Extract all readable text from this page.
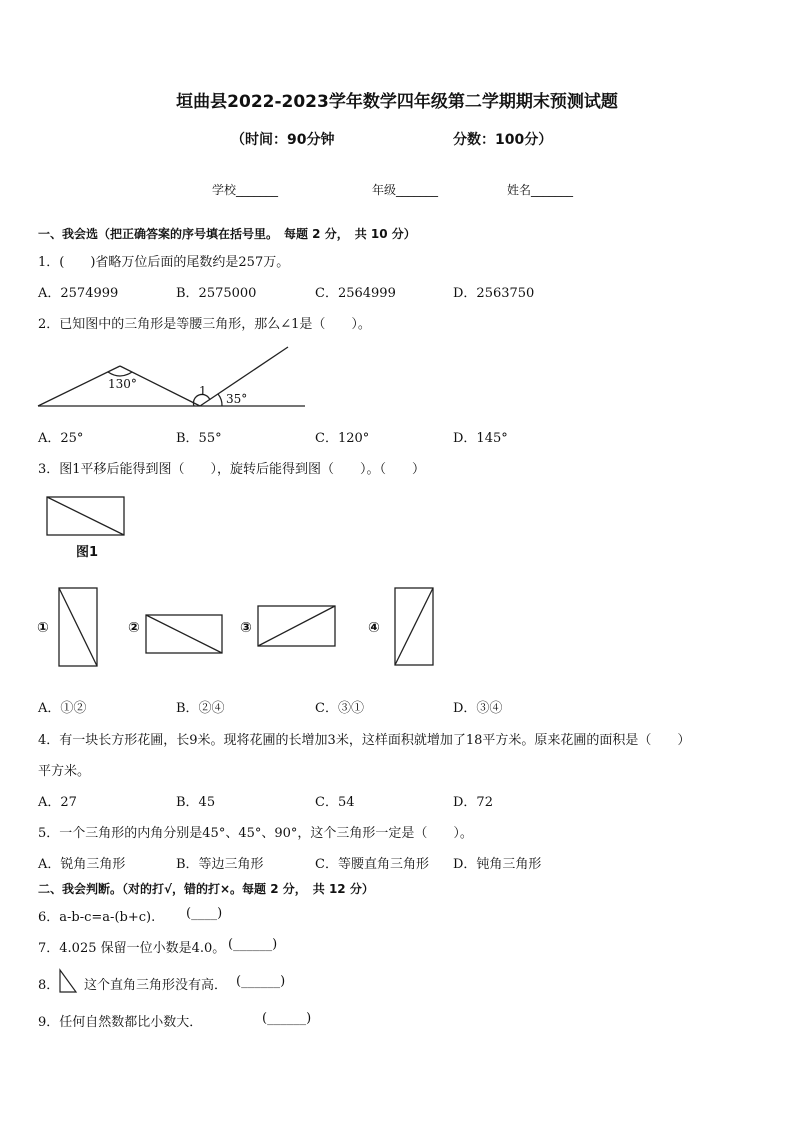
垣曲县2022-2023学年数学四年级第二学期期末预测试题
（时间：90分钟	分数：100分）
学校_______	年级_______	姓名_______
一、我会选（把正确答案的序号填在括号里。　每题 2 分，　共 10 分）
1．(　　)省略万位后面的尾数约是257万。
A．2574999	B．2575000	C．2564999	D．2563750
2．已知图中的三角形是等腰三角形，那么∠1是（　　）。
130°	1
35°
A．25°	B．55°	C．120°	D．145°
3．图1平移后能得到图（　　），旋转后能得到图（　　）。（　　）
图1
①	②	③	④
A．①②	B．②④	C．③①	D．③④
4．有一块长方形花圃，长9米。现将花圃的长增加3米，这样面积就增加了18平方米。原来花圃的面积是（　　）
平方米。
A．27	B．45	C．54	D．72
5．一个三角形的内角分别是45°、45°、90°，这个三角形一定是（　　）。
A．锐角三角形	B．等边三角形	C．等腰直角三角形 D．钝角三角形
二、我会判断。（对的打√，错的打×。每题 2 分，　共 12 分）
6．a-b-c=a-(b+c). (____)
7．4.025 保留一位小数是4.0。 (______)
8． 这个直角三角形没有高． (______)
9．任何自然数都比小数大．	(______)
